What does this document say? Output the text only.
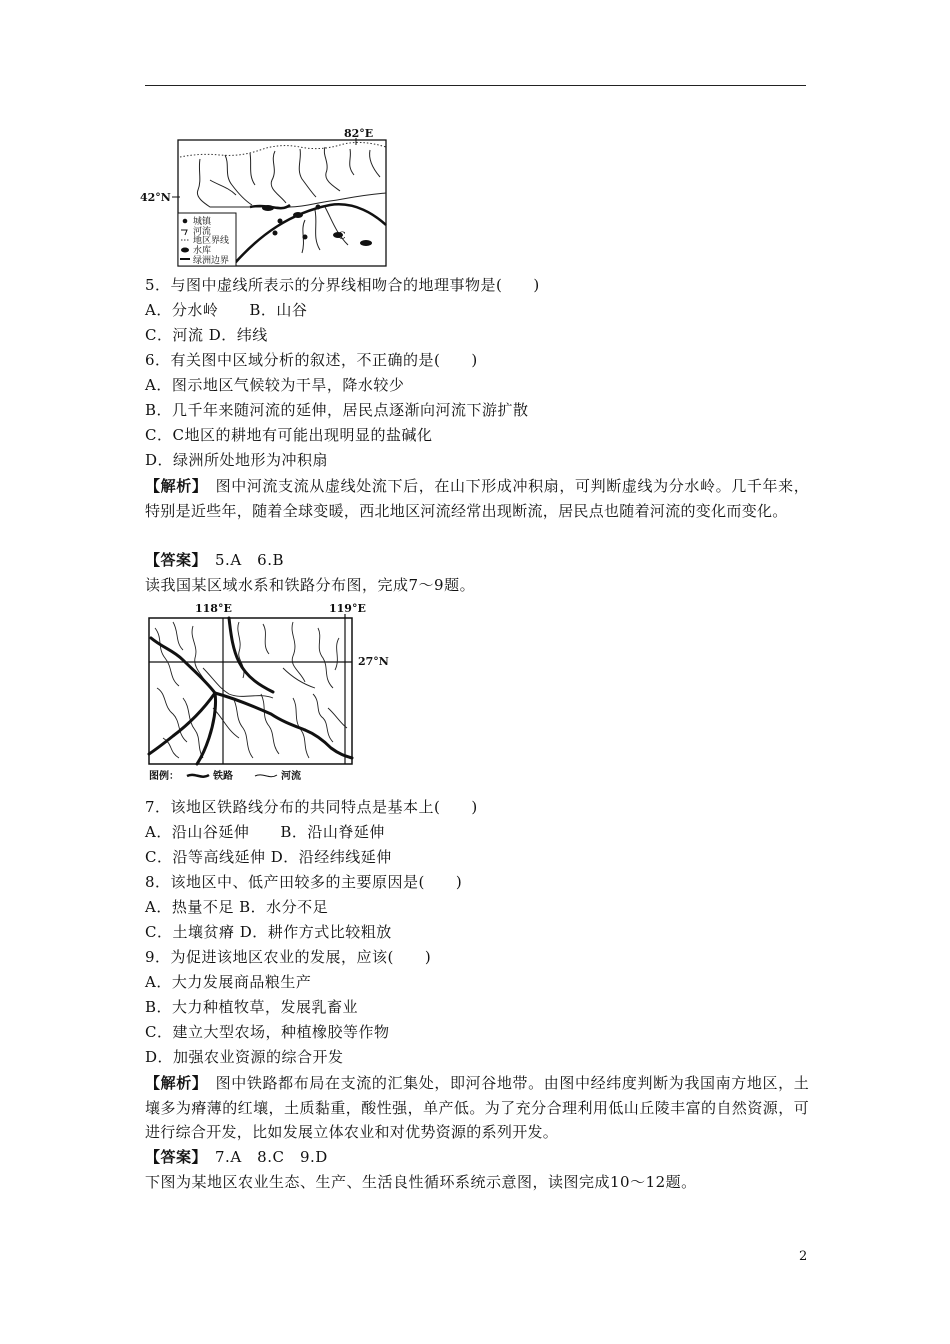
82°E
42°N
C
城镇
河流
地区界线
水库
绿洲边界
5．与图中虚线所表示的分界线相吻合的地理事物是(　　)
A．分水岭　　B．山谷
C．河流 D．纬线
6．有关图中区域分析的叙述，不正确的是(　　)
A．图示地区气候较为干旱，降水较少
B．几千年来随河流的延伸，居民点逐渐向河流下游扩散
C．C地区的耕地有可能出现明显的盐碱化
D．绿洲所处地形为冲积扇
【解析】　图中河流支流从虚线处流下后，在山下形成冲积扇，可判断虚线为分水岭。几千年来，特别是近些年，随着全球变暖，西北地区河流经常出现断流，居民点也随着河流的变化而变化。
【答案】　5.A　6.B
读我国某区域水系和铁路分布图，完成7～9题。
118°E	119°E
27°N
图例：	铁路	河流
7．该地区铁路线分布的共同特点是基本上(　　)
A．沿山谷延伸　　B．沿山脊延伸
C．沿等高线延伸 D．沿经纬线延伸
8．该地区中、低产田较多的主要原因是(　　)
A．热量不足 B．水分不足
C．土壤贫瘠 D．耕作方式比较粗放
9．为促进该地区农业的发展，应该(　　)
A．大力发展商品粮生产
B．大力种植牧草，发展乳畜业
C．建立大型农场，种植橡胶等作物
D．加强农业资源的综合开发
【解析】　图中铁路都布局在支流的汇集处，即河谷地带。由图中经纬度判断为我国南方地区，土壤多为瘠薄的红壤，土质黏重，酸性强，单产低。为了充分合理利用低山丘陵丰富的自然资源，可进行综合开发，比如发展立体农业和对优势资源的系列开发。
【答案】　7.A　8.C　9.D
下图为某地区农业生态、生产、生活良性循环系统示意图，读图完成10～12题。
2
